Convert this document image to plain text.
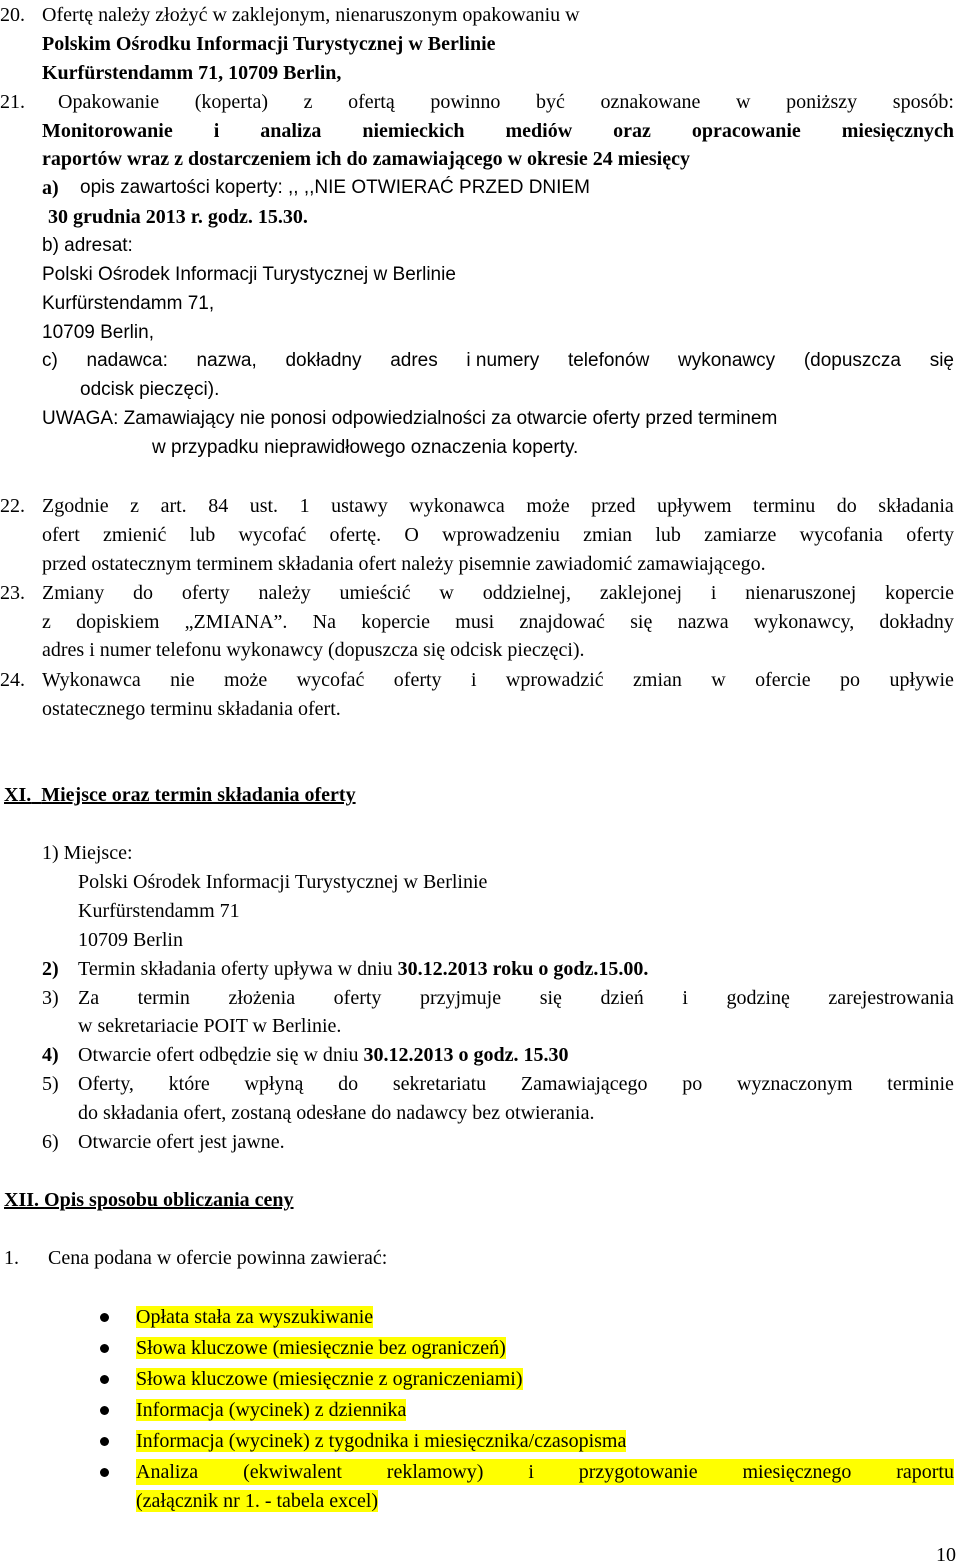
20. Ofertę należy złożyć w zaklejonym, nienaruszonym opakowaniu w
Polskim Ośrodku Informacji Turystycznej w Berlinie
Kurfürstendamm 71, 10709 Berlin,
21. Opakowanie (koperta) z ofertą powinno być oznakowane w poniższy sposób:
Monitorowanie i analiza niemieckich mediów oraz opracowanie miesięcznych
raportów wraz z dostarczeniem ich do zamawiającego w okresie 24 miesięcy
a) opis zawartości koperty: ,, ,,NIE OTWIERAĆ PRZED DNIEM
30 grudnia 2013 r. godz. 15.30.
b) adresat:
Polski Ośrodek Informacji Turystycznej w Berlinie
Kurfürstendamm 71,
10709 Berlin,
c) nadawca: nazwa, dokładny adres i numery telefonów wykonawcy (dopuszcza się
odcisk pieczęci).
UWAGA: Zamawiający nie ponosi odpowiedzialności za otwarcie oferty przed terminem
w przypadku nieprawidłowego oznaczenia koperty.
22. Zgodnie z art. 84 ust. 1 ustawy wykonawca może przed upływem terminu do składania
ofert zmienić lub wycofać ofertę. O wprowadzeniu zmian lub zamiarze wycofania oferty
przed ostatecznym terminem składania ofert należy pisemnie zawiadomić zamawiającego.
23. Zmiany do oferty należy umieścić w oddzielnej, zaklejonej i nienaruszonej kopercie
z dopiskiem „ZMIANA”. Na kopercie musi znajdować się nazwa wykonawcy, dokładny
adres i numer telefonu wykonawcy (dopuszcza się odcisk pieczęci).
24. Wykonawca nie może wycofać oferty i wprowadzić zmian w ofercie po upływie
ostatecznego terminu składania ofert.
XI. Miejsce oraz termin składania oferty
1) Miejsce:
Polski Ośrodek Informacji Turystycznej w Berlinie
Kurfürstendamm 71
10709 Berlin
2) Termin składania oferty upływa w dniu 30.12.2013 roku o godz.15.00.
3) Za termin złożenia oferty przyjmuje się dzień i godzinę zarejestrowania
w sekretariacie POIT w Berlinie.
4) Otwarcie ofert odbędzie się w dniu 30.12.2013 o godz. 15.30
5) Oferty, które wpłyną do sekretariatu Zamawiającego po wyznaczonym terminie
do składania ofert, zostaną odesłane do nadawcy bez otwierania.
6) Otwarcie ofert jest jawne.
XII. Opis sposobu obliczania ceny
1. Cena podana w ofercie powinna zawierać:
Opłata stała za wyszukiwanie
Słowa kluczowe (miesięcznie bez ograniczeń)
Słowa kluczowe (miesięcznie z ograniczeniami)
Informacja (wycinek) z dziennika
Informacja (wycinek) z tygodnika i miesięcznika/czasopisma
Analiza (ekwiwalent reklamowy) i przygotowanie miesięcznego raportu
(załącznik nr 1. - tabela excel)
10
